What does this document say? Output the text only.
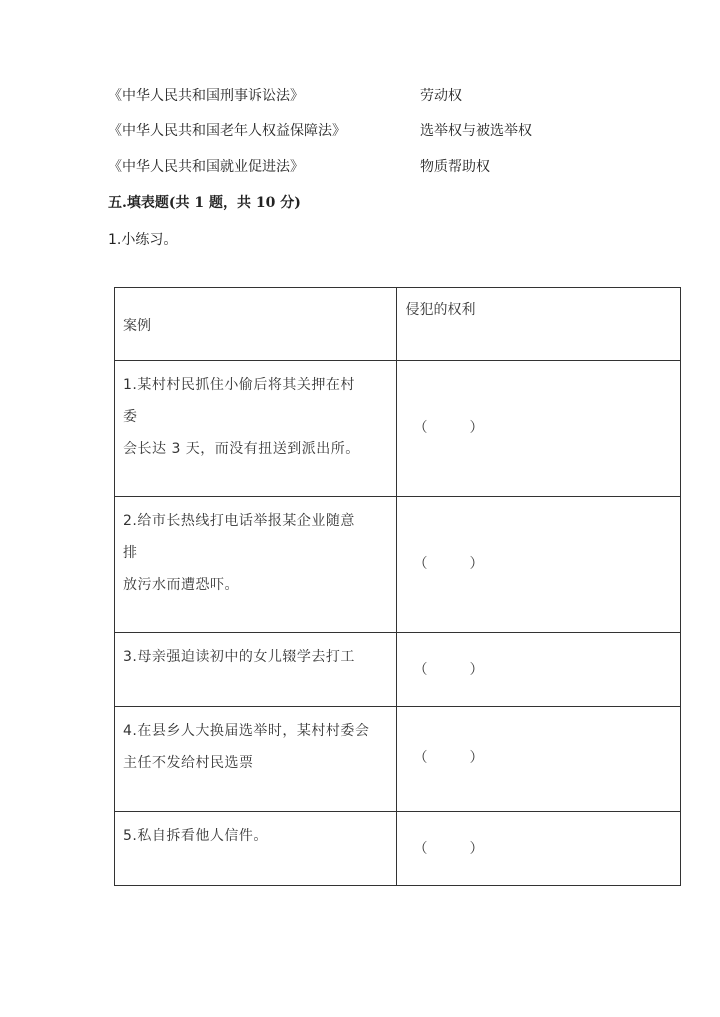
《中华人民共和国刑事诉讼法》	劳动权
《中华人民共和国老年人权益保障法》	选举权与被选举权
《中华人民共和国就业促进法》	物质帮助权
五.填表题(共 1 题，共 10 分)
1.小练习。
案例	侵犯的权利

1.某村村民抓住小偷后将其关押在村
委
会长达 3 天，而没有扭送到派出所。	（　　　）

2.给市长热线打电话举报某企业随意
排
放污水而遭恐吓。	（　　　）

3.母亲强迫读初中的女儿辍学去打工	（　　　）

4.在县乡人大换届选举时，某村村委会
主任不发给村民选票	（　　　）

5.私自拆看他人信件。	（　　　）
